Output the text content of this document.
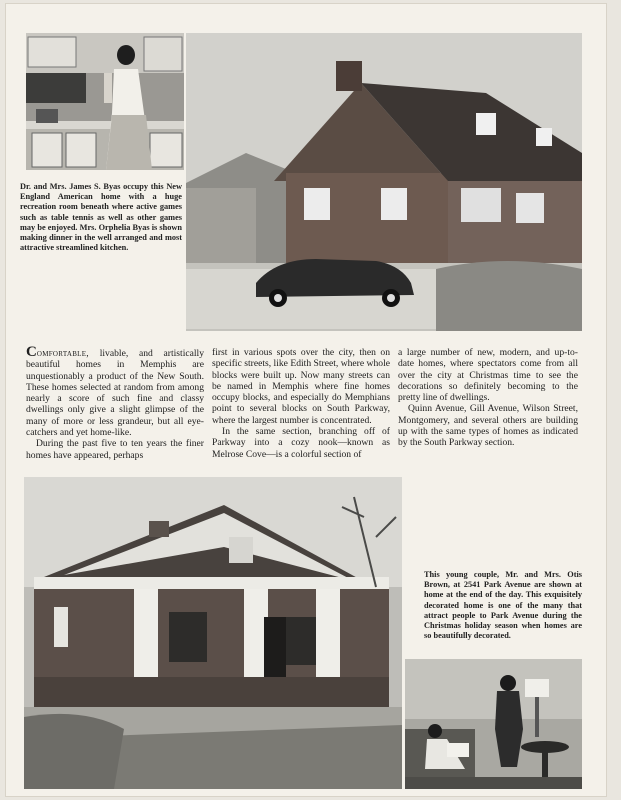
Dr. and Mrs. James S. Byas occupy this New England American home with a huge recreation room beneath where active games such as table tennis as well as other games may be enjoyed. Mrs. Orphelia Byas is shown making dinner in the well arranged and most attractive streamlined kitchen.

Comfortable, livable, and artistically beautiful homes in Memphis are unquestionably a product of the New South. These homes selected at random from among nearly a score of such fine and classy dwellings only give a slight glimpse of the many of more or less grandeur, but all eye-catchers and yet home-like.

During the past five to ten years the finer homes have appeared, perhaps

first in various spots over the city, then on specific streets, like Edith Street, where whole blocks were built up. Now many streets can be named in Memphis where fine homes occupy blocks, and especially do Memphians point to several blocks on South Parkway, where the largest number is concentrated.

In the same section, branching off of Parkway into a cozy nook—known as Melrose Cove—is a colorful section of

a large number of new, modern, and up-to-date homes, where spectators come from all over the city at Christmas time to see the decorations so definitely becoming to the pretty line of dwellings.

Quinn Avenue, Gill Avenue, Wilson Street, Montgomery, and several others are building up with the same types of homes as indicated by the South Parkway section.

This young couple, Mr. and Mrs. Otis Brown, at 2541 Park Avenue are shown at home at the end of the day. This exquisitely decorated home is one of the many that attract people to Park Avenue during the Christmas holiday season when homes are so beautifully decorated.
